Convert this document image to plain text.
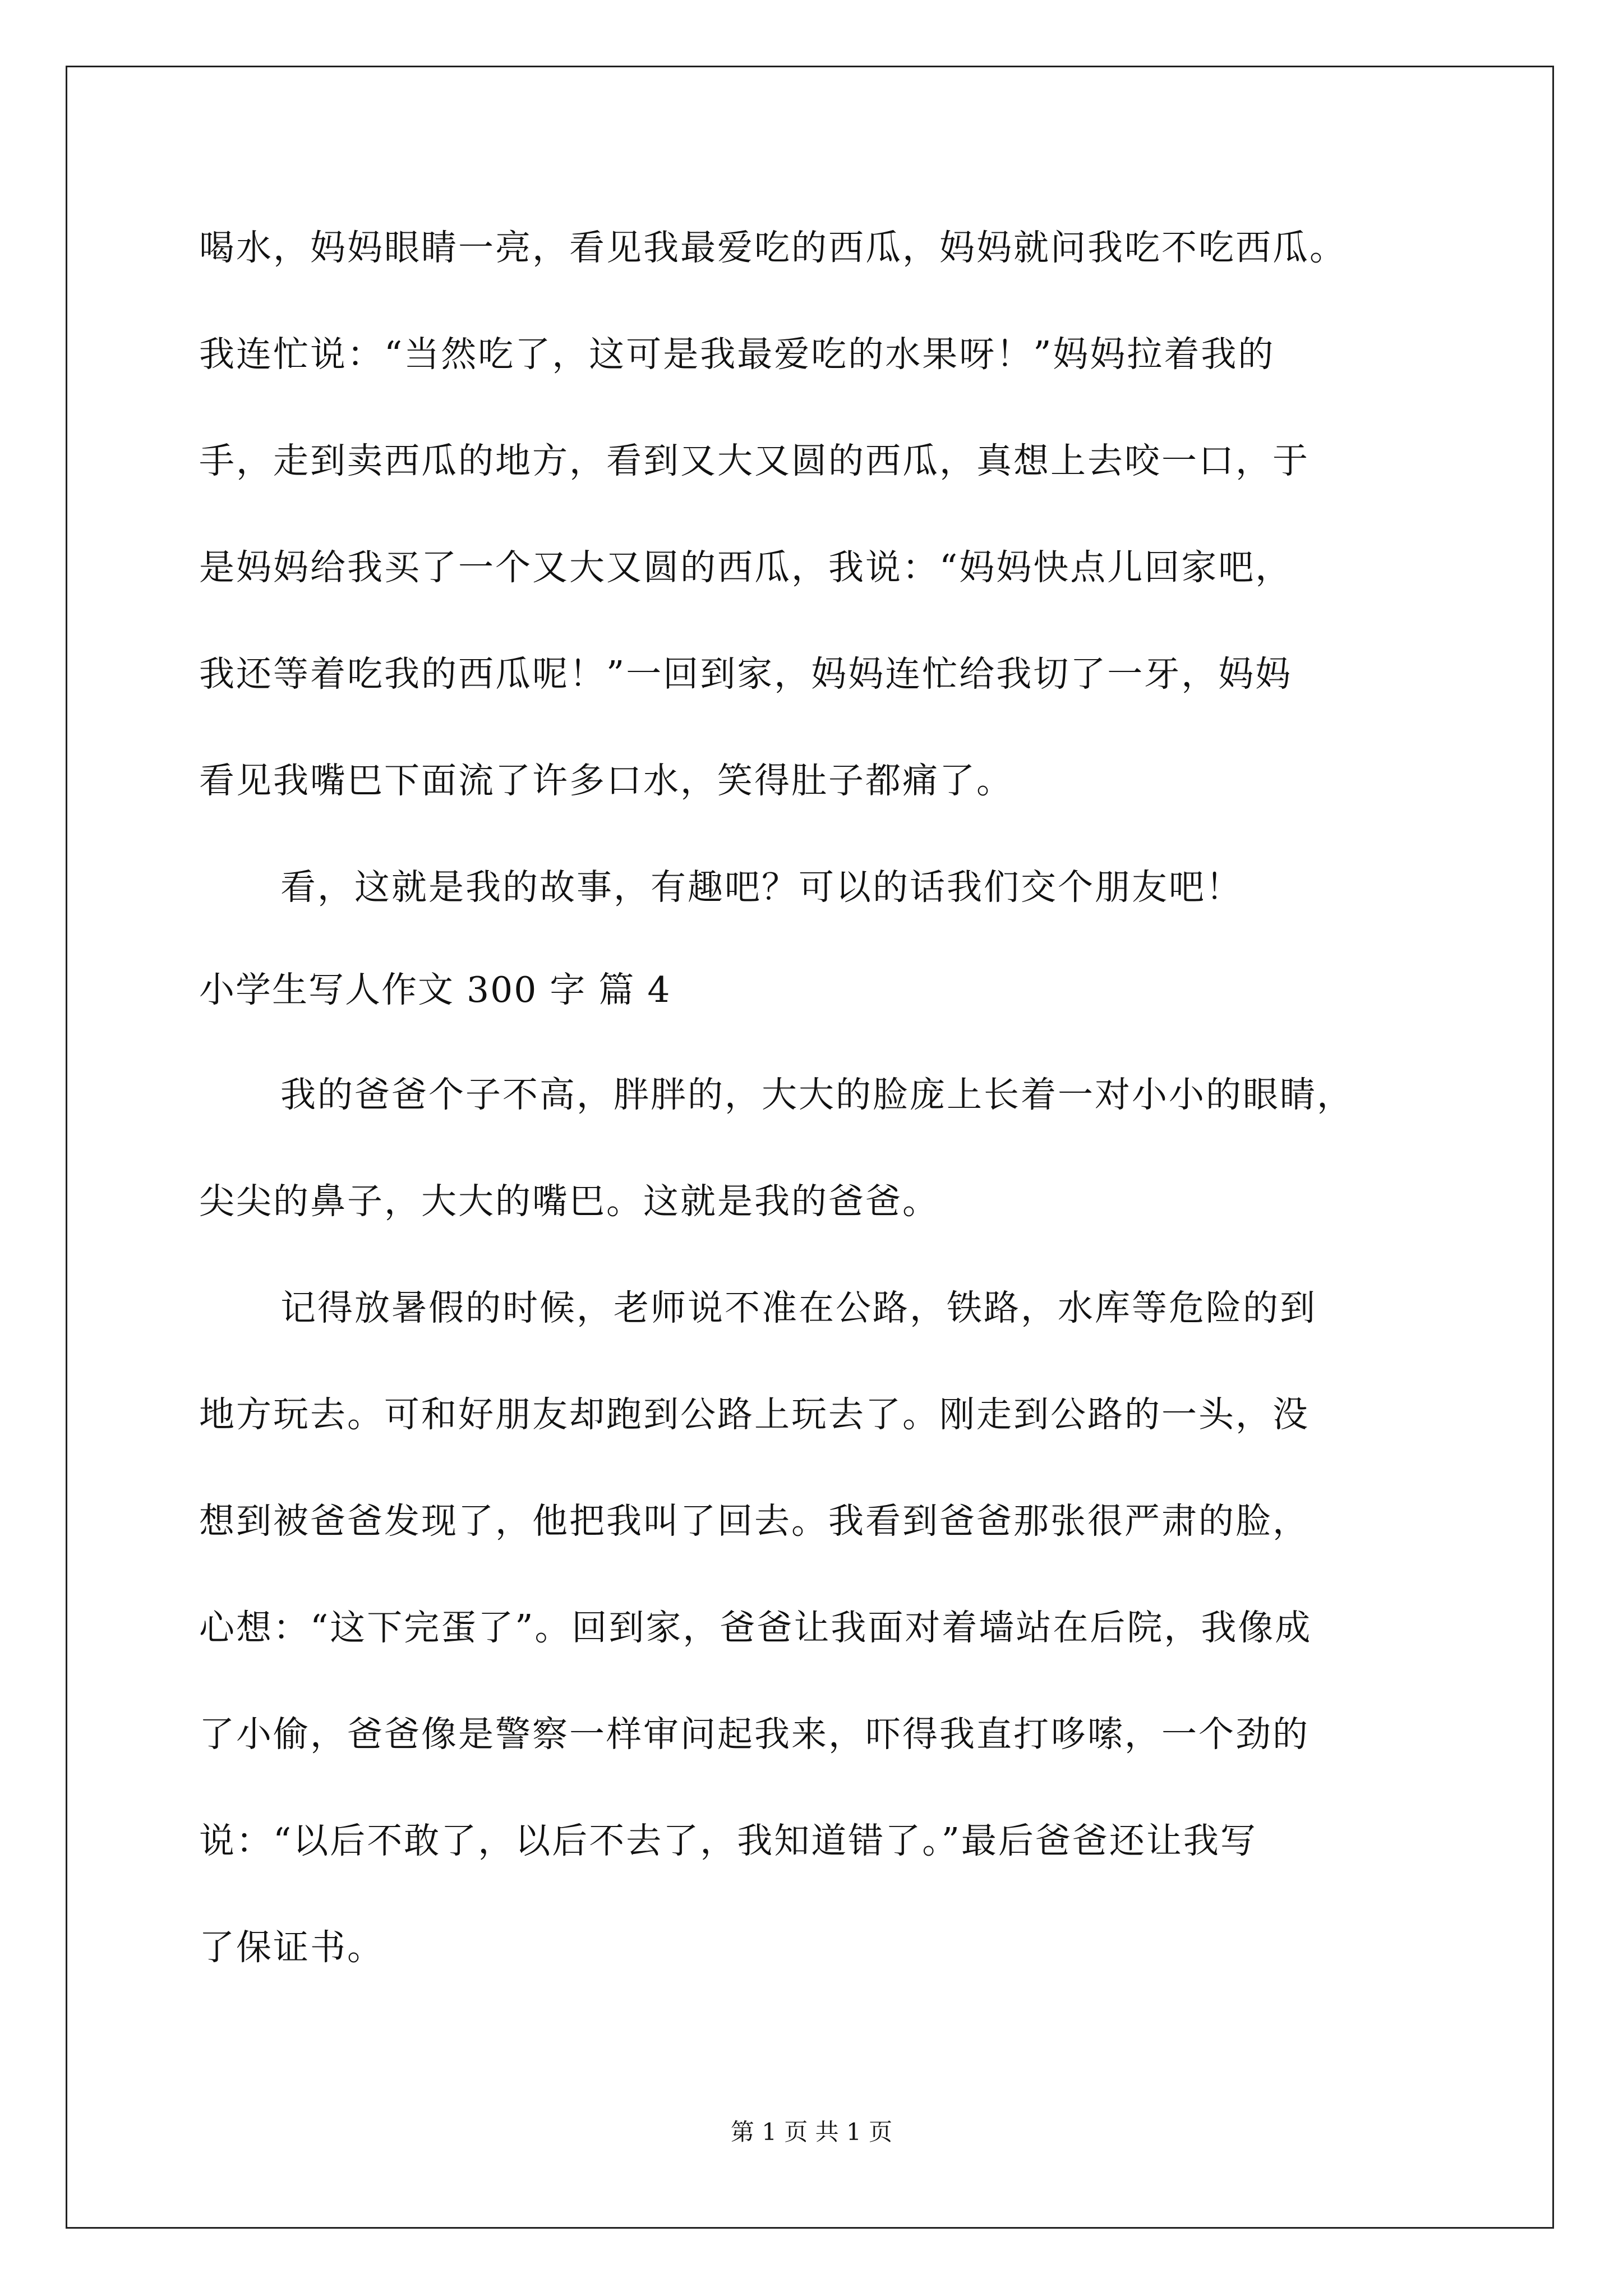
喝水，妈妈眼睛一亮，看见我最爱吃的西瓜，妈妈就问我吃不吃西瓜。
我连忙说：“当然吃了，这可是我最爱吃的水果呀！”妈妈拉着我的
手，走到卖西瓜的地方，看到又大又圆的西瓜，真想上去咬一口，于
是妈妈给我买了一个又大又圆的西瓜，我说：“妈妈快点儿回家吧，
我还等着吃我的西瓜呢！”一回到家，妈妈连忙给我切了一牙，妈妈
看见我嘴巴下面流了许多口水，笑得肚子都痛了。
看，这就是我的故事，有趣吧？可以的话我们交个朋友吧！
小学生写人作文 300 字 篇 4
我的爸爸个子不高，胖胖的，大大的脸庞上长着一对小小的眼睛，
尖尖的鼻子，大大的嘴巴。这就是我的爸爸。
记得放暑假的时候，老师说不准在公路，铁路，水库等危险的到
地方玩去。可和好朋友却跑到公路上玩去了。刚走到公路的一头，没
想到被爸爸发现了，他把我叫了回去。我看到爸爸那张很严肃的脸，
心想：“这下完蛋了”。回到家，爸爸让我面对着墙站在后院，我像成
了小偷，爸爸像是警察一样审问起我来，吓得我直打哆嗦，一个劲的
说：“以后不敢了，以后不去了，我知道错了。”最后爸爸还让我写
了保证书。
第 1 页 共 1 页
